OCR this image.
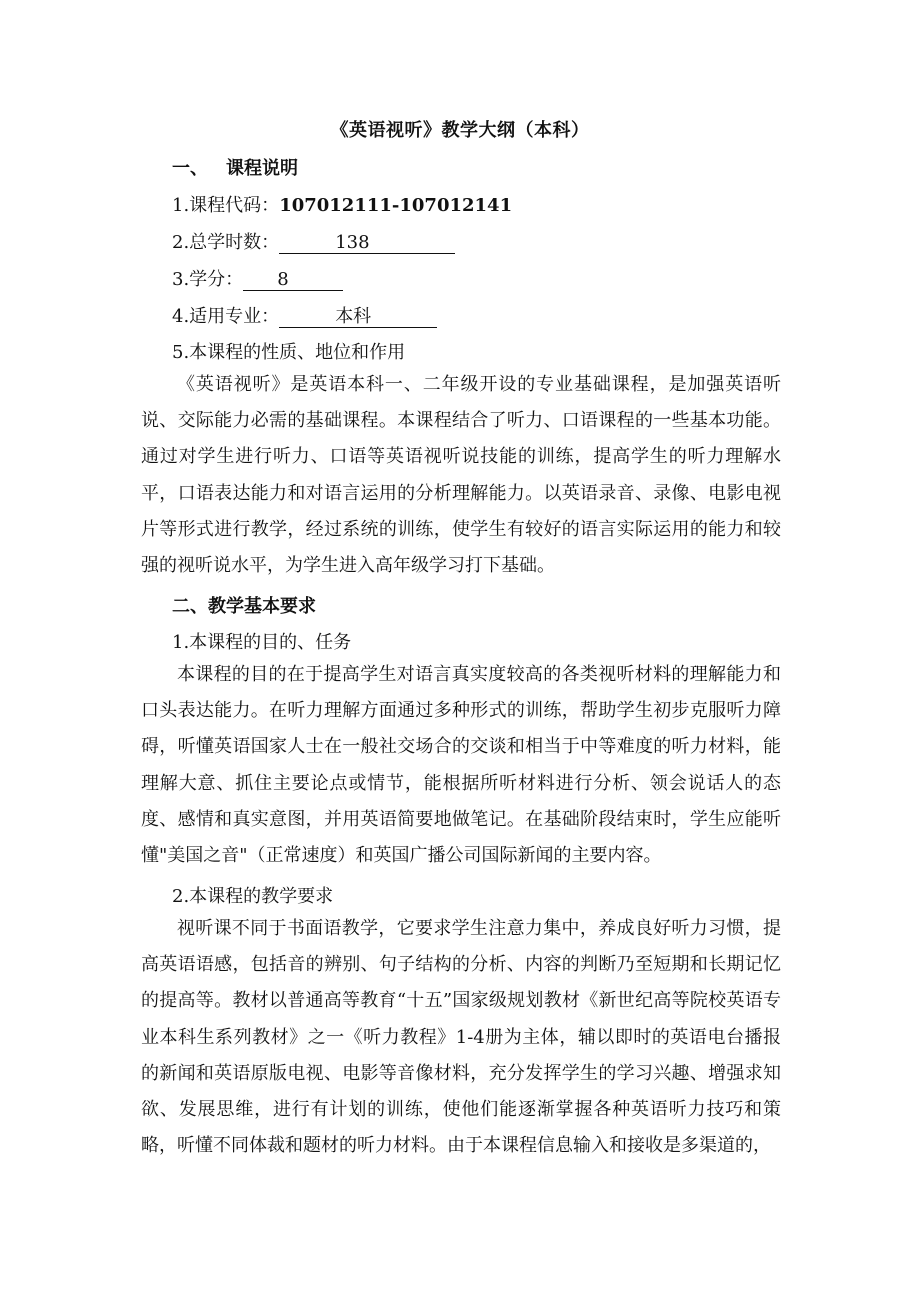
《英语视听》教学大纲（本科）
一、 课程说明
1.课程代码：107012111-107012141
2.总学时数：	138
3.学分： 8
4.适用专业：	本科
5.本课程的性质、地位和作用
《英语视听》是英语本科一、二年级开设的专业基础课程，是加强英语听说、交际能力必需的基础课程。本课程结合了听力、口语课程的一些基本功能。通过对学生进行听力、口语等英语视听说技能的训练，提高学生的听力理解水平，口语表达能力和对语言运用的分析理解能力。以英语录音、录像、电影电视片等形式进行教学，经过系统的训练，使学生有较好的语言实际运用的能力和较强的视听说水平，为学生进入高年级学习打下基础。
二、教学基本要求
1.本课程的目的、任务
本课程的目的在于提高学生对语言真实度较高的各类视听材料的理解能力和口头表达能力。在听力理解方面通过多种形式的训练，帮助学生初步克服听力障碍，听懂英语国家人士在一般社交场合的交谈和相当于中等难度的听力材料，能理解大意、抓住主要论点或情节，能根据所听材料进行分析、领会说话人的态度、感情和真实意图，并用英语简要地做笔记。在基础阶段结束时，学生应能听懂"美国之音"（正常速度）和英国广播公司国际新闻的主要内容。
2.本课程的教学要求
视听课不同于书面语教学，它要求学生注意力集中，养成良好听力习惯，提高英语语感，包括音的辨别、句子结构的分析、内容的判断乃至短期和长期记忆的提高等。教材以普通高等教育“十五”国家级规划教材《新世纪高等院校英语专业本科生系列教材》之一《听力教程》1-4册为主体，辅以即时的英语电台播报的新闻和英语原版电视、电影等音像材料，充分发挥学生的学习兴趣、增强求知欲、发展思维，进行有计划的训练，使他们能逐渐掌握各种英语听力技巧和策略，听懂不同体裁和题材的听力材料。由于本课程信息输入和接收是多渠道的，
